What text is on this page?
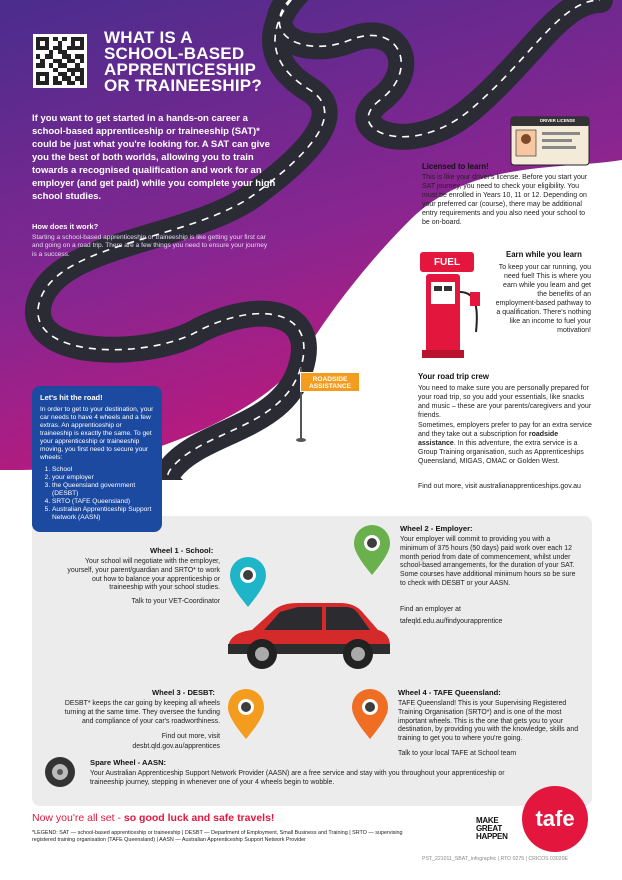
WHAT IS A
SCHOOL-BASED
APPRENTICESHIP
OR TRAINEESHIP?
If you want to get started in a hands-on career a school-based apprenticeship or traineeship (SAT)* could be just what you're looking for. A SAT can give you the best of both worlds, allowing you to train towards a recognised qualification and work for an employer (and get paid) while you complete your high school studies.
How does it work?
Starting a school-based apprenticeship or traineeship is like getting your first car and going on a road trip. There are a few things you need to ensure your journey is a success.
DRIVER LICENSE
Licensed to learn!
This is like your driver's license. Before you start your SAT journey, you need to check your eligibility. You must be enrolled in Years 10, 11 or 12. Depending on your preferred car (course), there may be additional entry requirements and you also need your school to be on-board.
FUEL
Earn while you learn
To keep your car running, you need fuel! This is where you earn while you learn and get the benefits of an employment-based pathway to a qualification. There's nothing like an income to fuel your motivation!
ROADSIDE ASSISTANCE
Your road trip crew
You need to make sure you are personally prepared for your road trip, so you add your essentials, like snacks and music – these are your parents/caregivers and your friends.
Sometimes, employers prefer to pay for an extra service and they take out a subscription for roadside assistance. In this adventure, the extra service is a Group Training organisation, such as Apprenticeships Queensland, MIGAS, OMAC or Golden West.
Find out more, visit australianapprenticeships.gov.au
Let's hit the road!
In order to get to your destination, your car needs to have 4 wheels and a few extras. An apprenticeship or traineeship is exactly the same. To get your apprenticeship or traineeship moving, you first need to secure your wheels:
1. School
2. your employer
3. the Queensland government (DESBT)
4. SRTO (TAFE Queensland)
5. Australian Apprenticeship Support Network (AASN)
Wheel 1 - School:
Your school will negotiate with the employer, yourself, your parent/guardian and SRTO* to work out how to balance your apprenticeship or traineeship with your school studies.
Talk to your VET-Coordinator
Wheel 2 - Employer:
Your employer will commit to providing you with a minimum of 375 hours (50 days) paid work over each 12 month period from date of commencement, whilst under school-based arrangements, for the duration of your SAT. Some courses have additional minimum hours so be sure to check with DESBT or your AASN.
Find an employer at
tafeqld.edu.au/findyourapprentice
Wheel 3 - DESBT:
DESBT* keeps the car going by keeping all wheels turning at the same time. They oversee the funding and compliance of your car's roadworthiness.
Find out more, visit
desbt.qld.gov.au/apprentices
Wheel 4 - TAFE Queensland:
TAFE Queensland! This is your Supervising Registered Training Organisation (SRTO*) and is one of the most important wheels. This is the one that gets you to your destination, by providing you with the knowledge, skills and training to get you to where you're going.
Talk to your local TAFE at School team
Spare Wheel - AASN:
Your Australian Apprenticeship Support Network Provider (AASN) are a free service and stay with you throughout your apprenticeship or traineeship journey, stepping in whenever one of your 4 wheels begin to wobble.
Now you're all set - so good luck and safe travels!
*LEGEND: SAT — school-based apprenticeship or traineeship | DESBT — Department of Employment, Small Business and Training | SRTO — supervising registered training organisation (TAFE Queensland) | AASN — Australian Apprenticeship Support Network Provider
MAKE GREAT HAPPEN
tafe
PST_221011_SBAT_infographic | RTO 0275 | CRICOS 03020E
